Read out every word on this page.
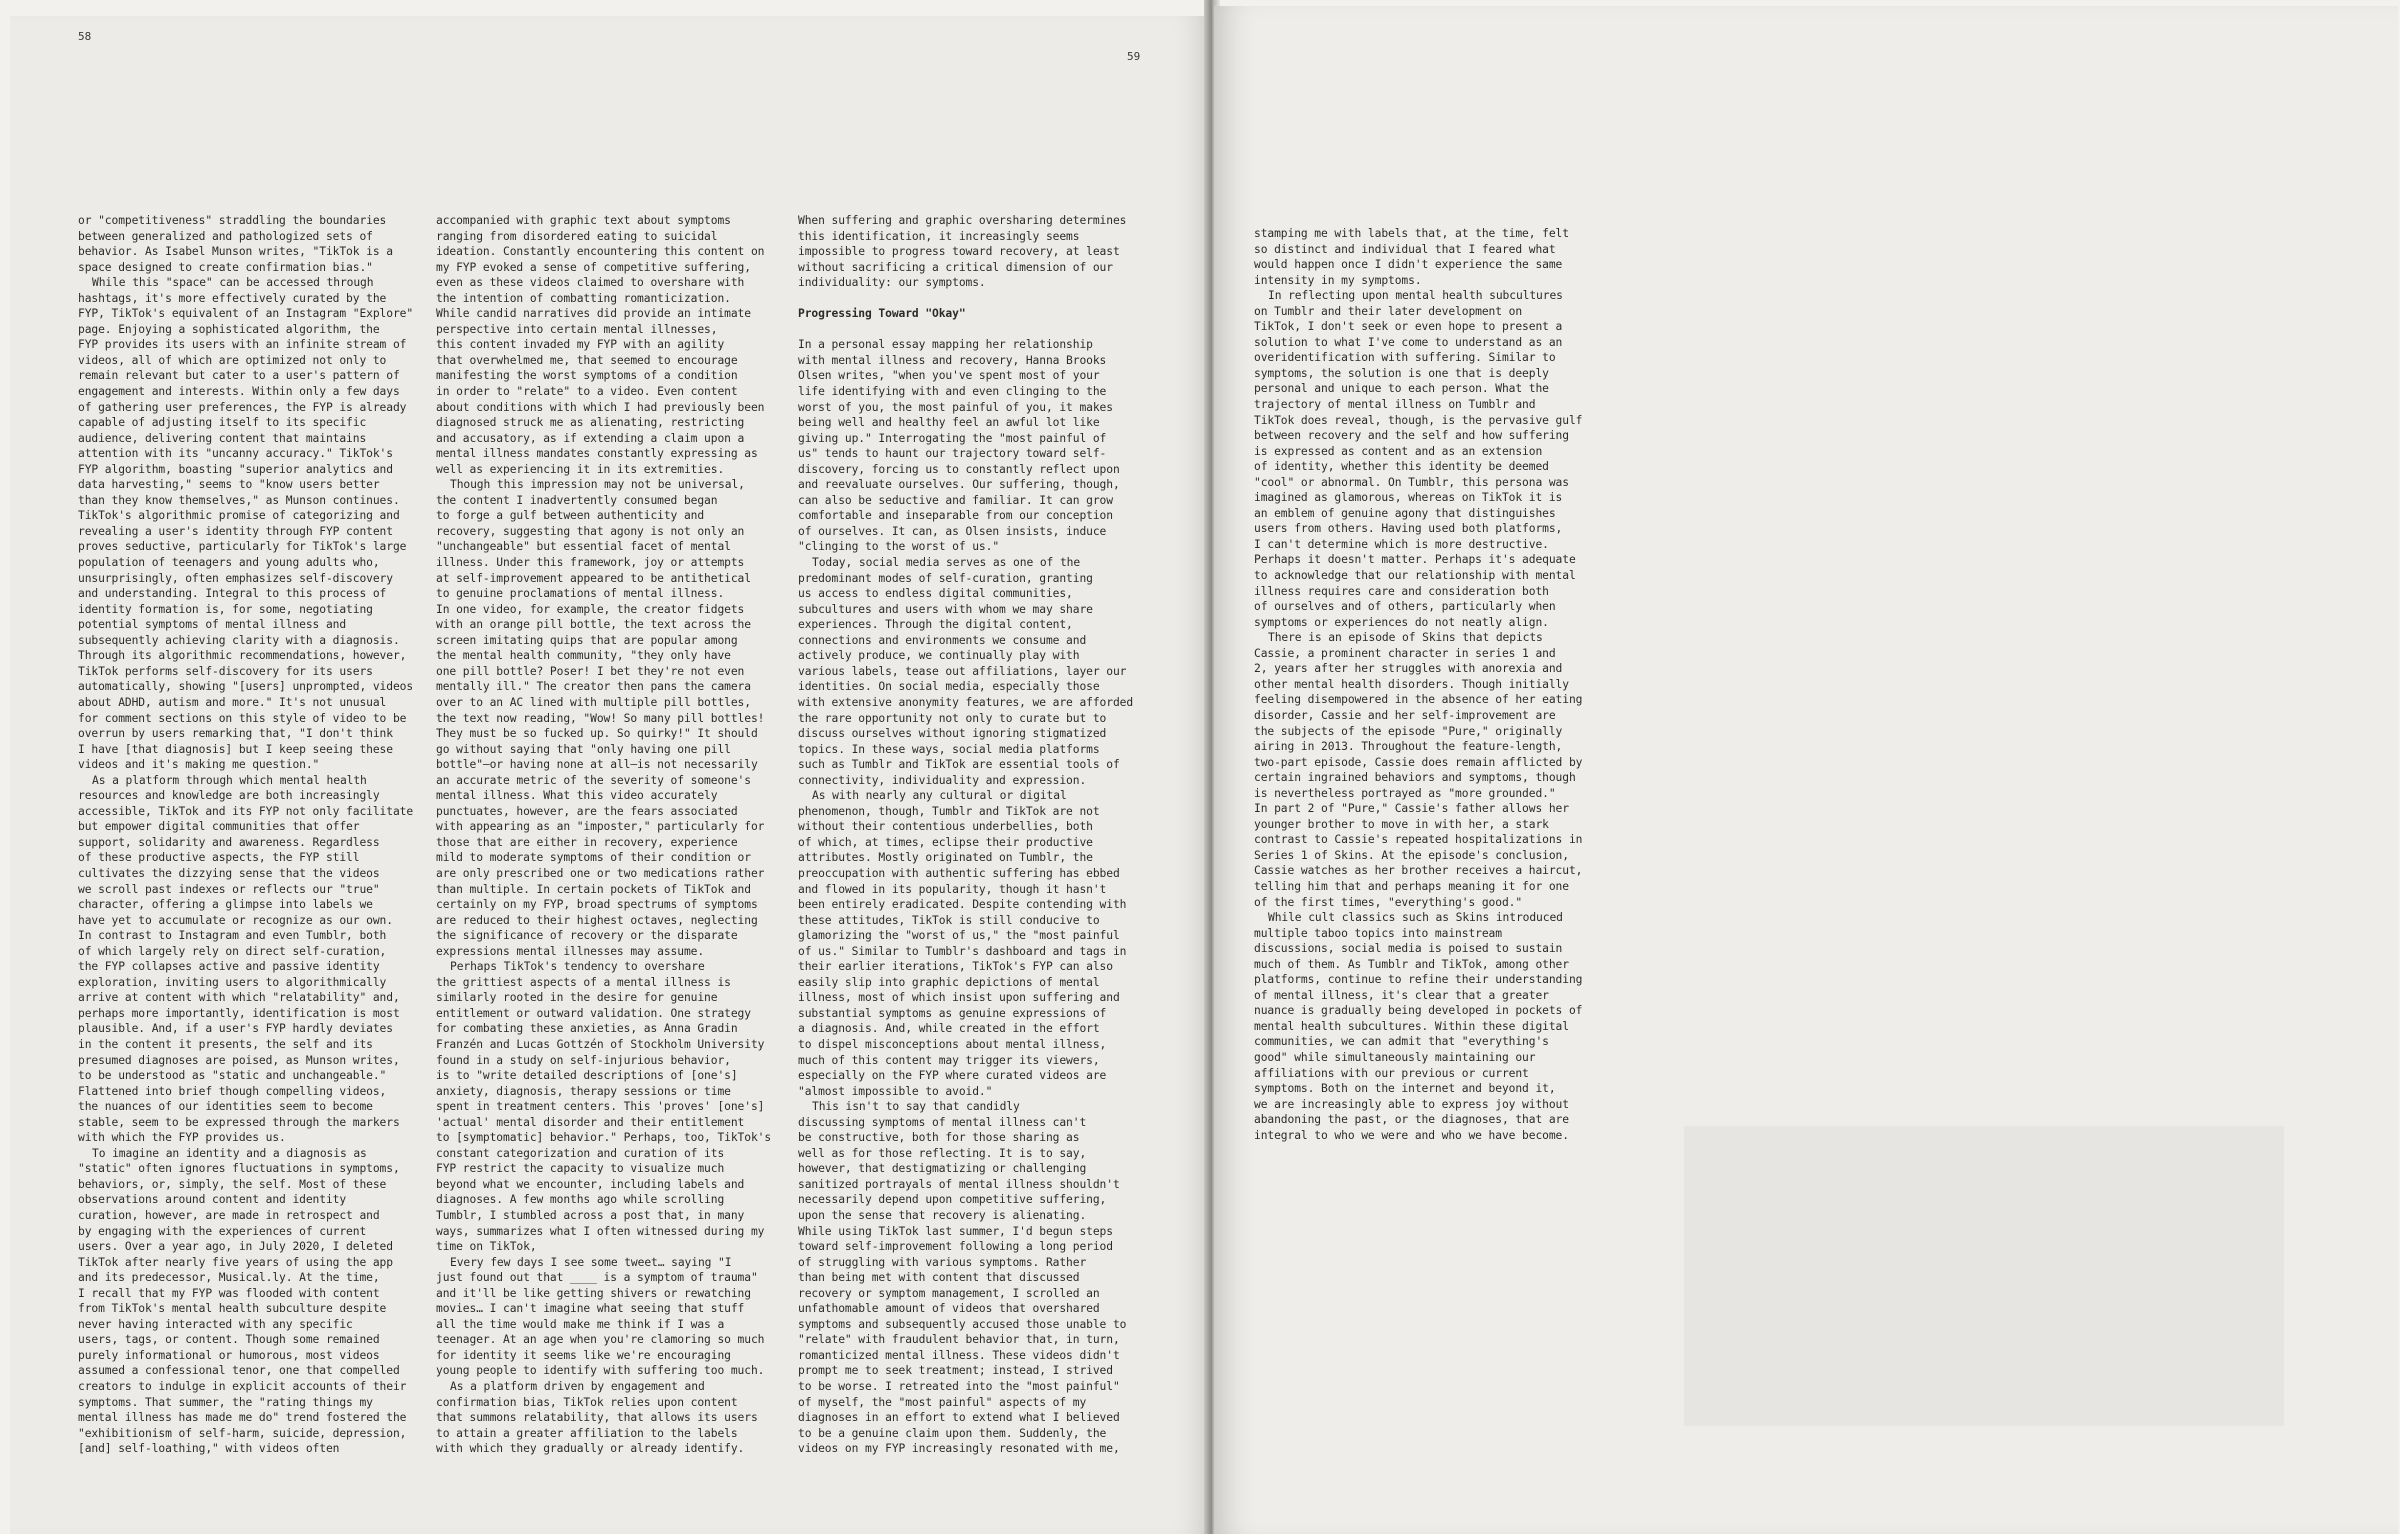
58
59
or "competitiveness" straddling the boundaries
between generalized and pathologized sets of
behavior. As Isabel Munson writes, "TikTok is a
space designed to create confirmation bias."
While this "space" can be accessed through
hashtags, it's more effectively curated by the
FYP, TikTok's equivalent of an Instagram "Explore"
page. Enjoying a sophisticated algorithm, the
FYP provides its users with an infinite stream of
videos, all of which are optimized not only to
remain relevant but cater to a user's pattern of
engagement and interests. Within only a few days
of gathering user preferences, the FYP is already
capable of adjusting itself to its specific
audience, delivering content that maintains
attention with its "uncanny accuracy." TikTok's
FYP algorithm, boasting "superior analytics and
data harvesting," seems to "know users better
than they know themselves," as Munson continues.
TikTok's algorithmic promise of categorizing and
revealing a user's identity through FYP content
proves seductive, particularly for TikTok's large
population of teenagers and young adults who,
unsurprisingly, often emphasizes self-discovery
and understanding. Integral to this process of
identity formation is, for some, negotiating
potential symptoms of mental illness and
subsequently achieving clarity with a diagnosis.
Through its algorithmic recommendations, however,
TikTok performs self-discovery for its users
automatically, showing "[users] unprompted, videos
about ADHD, autism and more." It's not unusual
for comment sections on this style of video to be
overrun by users remarking that, "I don't think
I have [that diagnosis] but I keep seeing these
videos and it's making me question."
As a platform through which mental health
resources and knowledge are both increasingly
accessible, TikTok and its FYP not only facilitate
but empower digital communities that offer
support, solidarity and awareness. Regardless
of these productive aspects, the FYP still
cultivates the dizzying sense that the videos
we scroll past indexes or reflects our "true"
character, offering a glimpse into labels we
have yet to accumulate or recognize as our own.
In contrast to Instagram and even Tumblr, both
of which largely rely on direct self-curation,
the FYP collapses active and passive identity
exploration, inviting users to algorithmically
arrive at content with which "relatability" and,
perhaps more importantly, identification is most
plausible. And, if a user's FYP hardly deviates
in the content it presents, the self and its
presumed diagnoses are poised, as Munson writes,
to be understood as "static and unchangeable."
Flattened into brief though compelling videos,
the nuances of our identities seem to become
stable, seem to be expressed through the markers
with which the FYP provides us.
To imagine an identity and a diagnosis as
"static" often ignores fluctuations in symptoms,
behaviors, or, simply, the self. Most of these
observations around content and identity
curation, however, are made in retrospect and
by engaging with the experiences of current
users. Over a year ago, in July 2020, I deleted
TikTok after nearly five years of using the app
and its predecessor, Musical.ly. At the time,
I recall that my FYP was flooded with content
from TikTok's mental health subculture despite
never having interacted with any specific
users, tags, or content. Though some remained
purely informational or humorous, most videos
assumed a confessional tenor, one that compelled
creators to indulge in explicit accounts of their
symptoms. That summer, the "rating things my
mental illness has made me do" trend fostered the
"exhibitionism of self-harm, suicide, depression,
[and] self-loathing," with videos often
accompanied with graphic text about symptoms
ranging from disordered eating to suicidal
ideation. Constantly encountering this content on
my FYP evoked a sense of competitive suffering,
even as these videos claimed to overshare with
the intention of combatting romanticization.
While candid narratives did provide an intimate
perspective into certain mental illnesses,
this content invaded my FYP with an agility
that overwhelmed me, that seemed to encourage
manifesting the worst symptoms of a condition
in order to "relate" to a video. Even content
about conditions with which I had previously been
diagnosed struck me as alienating, restricting
and accusatory, as if extending a claim upon a
mental illness mandates constantly expressing as
well as experiencing it in its extremities.
Though this impression may not be universal,
the content I inadvertently consumed began
to forge a gulf between authenticity and
recovery, suggesting that agony is not only an
"unchangeable" but essential facet of mental
illness. Under this framework, joy or attempts
at self-improvement appeared to be antithetical
to genuine proclamations of mental illness.
In one video, for example, the creator fidgets
with an orange pill bottle, the text across the
screen imitating quips that are popular among
the mental health community, "they only have
one pill bottle? Poser! I bet they're not even
mentally ill." The creator then pans the camera
over to an AC lined with multiple pill bottles,
the text now reading, "Wow! So many pill bottles!
They must be so fucked up. So quirky!" It should
go without saying that "only having one pill
bottle"—or having none at all—is not necessarily
an accurate metric of the severity of someone's
mental illness. What this video accurately
punctuates, however, are the fears associated
with appearing as an "imposter," particularly for
those that are either in recovery, experience
mild to moderate symptoms of their condition or
are only prescribed one or two medications rather
than multiple. In certain pockets of TikTok and
certainly on my FYP, broad spectrums of symptoms
are reduced to their highest octaves, neglecting
the significance of recovery or the disparate
expressions mental illnesses may assume.
Perhaps TikTok's tendency to overshare
the grittiest aspects of a mental illness is
similarly rooted in the desire for genuine
entitlement or outward validation. One strategy
for combating these anxieties, as Anna Gradin
Franzén and Lucas Gottzén of Stockholm University
found in a study on self-injurious behavior,
is to "write detailed descriptions of [one's]
anxiety, diagnosis, therapy sessions or time
spent in treatment centers. This 'proves' [one's]
'actual' mental disorder and their entitlement
to [symptomatic] behavior." Perhaps, too, TikTok's
constant categorization and curation of its
FYP restrict the capacity to visualize much
beyond what we encounter, including labels and
diagnoses. A few months ago while scrolling
Tumblr, I stumbled across a post that, in many
ways, summarizes what I often witnessed during my
time on TikTok,
Every few days I see some tweet… saying "I
just found out that ____ is a symptom of trauma"
and it'll be like getting shivers or rewatching
movies… I can't imagine what seeing that stuff
all the time would make me think if I was a
teenager. At an age when you're clamoring so much
for identity it seems like we're encouraging
young people to identify with suffering too much.
As a platform driven by engagement and
confirmation bias, TikTok relies upon content
that summons relatability, that allows its users
to attain a greater affiliation to the labels
with which they gradually or already identify.
When suffering and graphic oversharing determines
this identification, it increasingly seems
impossible to progress toward recovery, at least
without sacrificing a critical dimension of our
individuality: our symptoms.
Progressing Toward "Okay"
In a personal essay mapping her relationship
with mental illness and recovery, Hanna Brooks
Olsen writes, "when you've spent most of your
life identifying with and even clinging to the
worst of you, the most painful of you, it makes
being well and healthy feel an awful lot like
giving up." Interrogating the "most painful of
us" tends to haunt our trajectory toward self-
discovery, forcing us to constantly reflect upon
and reevaluate ourselves. Our suffering, though,
can also be seductive and familiar. It can grow
comfortable and inseparable from our conception
of ourselves. It can, as Olsen insists, induce
"clinging to the worst of us."
Today, social media serves as one of the
predominant modes of self-curation, granting
us access to endless digital communities,
subcultures and users with whom we may share
experiences. Through the digital content,
connections and environments we consume and
actively produce, we continually play with
various labels, tease out affiliations, layer our
identities. On social media, especially those
with extensive anonymity features, we are afforded
the rare opportunity not only to curate but to
discuss ourselves without ignoring stigmatized
topics. In these ways, social media platforms
such as Tumblr and TikTok are essential tools of
connectivity, individuality and expression.
As with nearly any cultural or digital
phenomenon, though, Tumblr and TikTok are not
without their contentious underbellies, both
of which, at times, eclipse their productive
attributes. Mostly originated on Tumblr, the
preoccupation with authentic suffering has ebbed
and flowed in its popularity, though it hasn't
been entirely eradicated. Despite contending with
these attitudes, TikTok is still conducive to
glamorizing the "worst of us," the "most painful
of us." Similar to Tumblr's dashboard and tags in
their earlier iterations, TikTok's FYP can also
easily slip into graphic depictions of mental
illness, most of which insist upon suffering and
substantial symptoms as genuine expressions of
a diagnosis. And, while created in the effort
to dispel misconceptions about mental illness,
much of this content may trigger its viewers,
especially on the FYP where curated videos are
"almost impossible to avoid."
This isn't to say that candidly
discussing symptoms of mental illness can't
be constructive, both for those sharing as
well as for those reflecting. It is to say,
however, that destigmatizing or challenging
sanitized portrayals of mental illness shouldn't
necessarily depend upon competitive suffering,
upon the sense that recovery is alienating.
While using TikTok last summer, I'd begun steps
toward self-improvement following a long period
of struggling with various symptoms. Rather
than being met with content that discussed
recovery or symptom management, I scrolled an
unfathomable amount of videos that overshared
symptoms and subsequently accused those unable to
"relate" with fraudulent behavior that, in turn,
romanticized mental illness. These videos didn't
prompt me to seek treatment; instead, I strived
to be worse. I retreated into the "most painful"
of myself, the "most painful" aspects of my
diagnoses in an effort to extend what I believed
to be a genuine claim upon them. Suddenly, the
videos on my FYP increasingly resonated with me,
stamping me with labels that, at the time, felt
so distinct and individual that I feared what
would happen once I didn't experience the same
intensity in my symptoms.
In reflecting upon mental health subcultures
on Tumblr and their later development on
TikTok, I don't seek or even hope to present a
solution to what I've come to understand as an
overidentification with suffering. Similar to
symptoms, the solution is one that is deeply
personal and unique to each person. What the
trajectory of mental illness on Tumblr and
TikTok does reveal, though, is the pervasive gulf
between recovery and the self and how suffering
is expressed as content and as an extension
of identity, whether this identity be deemed
"cool" or abnormal. On Tumblr, this persona was
imagined as glamorous, whereas on TikTok it is
an emblem of genuine agony that distinguishes
users from others. Having used both platforms,
I can't determine which is more destructive.
Perhaps it doesn't matter. Perhaps it's adequate
to acknowledge that our relationship with mental
illness requires care and consideration both
of ourselves and of others, particularly when
symptoms or experiences do not neatly align.
There is an episode of Skins that depicts
Cassie, a prominent character in series 1 and
2, years after her struggles with anorexia and
other mental health disorders. Though initially
feeling disempowered in the absence of her eating
disorder, Cassie and her self-improvement are
the subjects of the episode "Pure," originally
airing in 2013. Throughout the feature-length,
two-part episode, Cassie does remain afflicted by
certain ingrained behaviors and symptoms, though
is nevertheless portrayed as "more grounded."
In part 2 of "Pure," Cassie's father allows her
younger brother to move in with her, a stark
contrast to Cassie's repeated hospitalizations in
Series 1 of Skins. At the episode's conclusion,
Cassie watches as her brother receives a haircut,
telling him that and perhaps meaning it for one
of the first times, "everything's good."
While cult classics such as Skins introduced
multiple taboo topics into mainstream
discussions, social media is poised to sustain
much of them. As Tumblr and TikTok, among other
platforms, continue to refine their understanding
of mental illness, it's clear that a greater
nuance is gradually being developed in pockets of
mental health subcultures. Within these digital
communities, we can admit that "everything's
good" while simultaneously maintaining our
affiliations with our previous or current
symptoms. Both on the internet and beyond it,
we are increasingly able to express joy without
abandoning the past, or the diagnoses, that are
integral to who we were and who we have become.
